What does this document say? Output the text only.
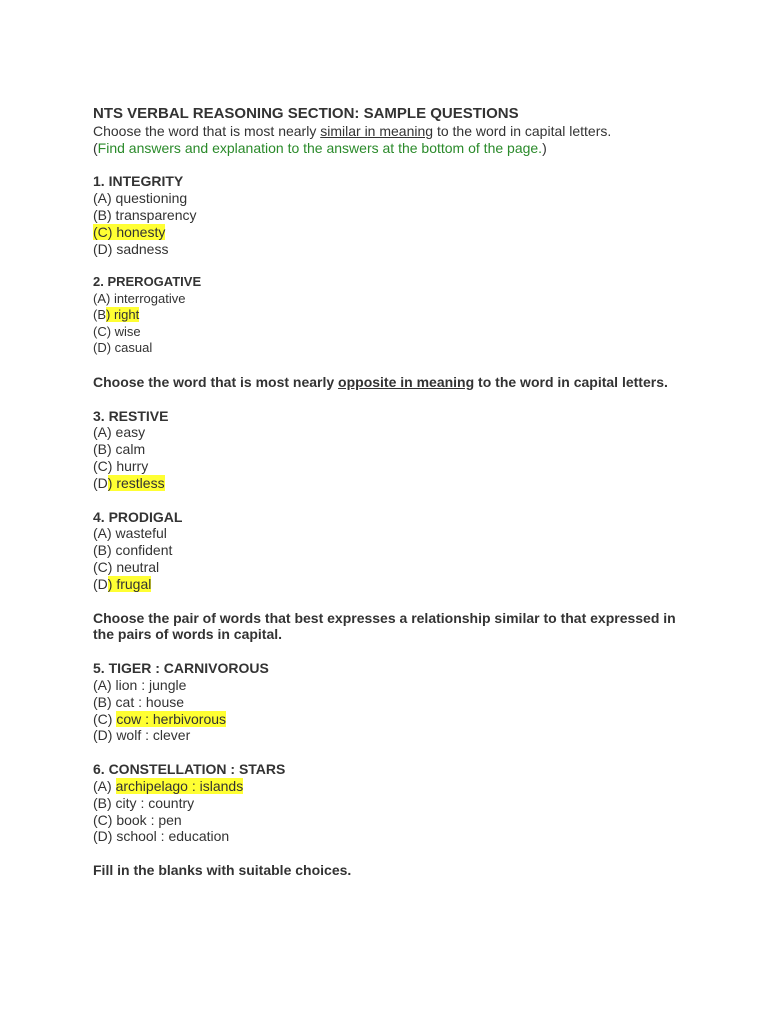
NTS VERBAL REASONING SECTION: SAMPLE QUESTIONS

Choose the word that is most nearly similar in meaning to the word in capital letters.

(Find answers and explanation to the answers at the bottom of the page.)

1. INTEGRITY

(A) questioning

(B) transparency

(C) honesty

(D) sadness

2. PREROGATIVE

(A) interrogative

(B) right

(C) wise

(D) casual

Choose the word that is most nearly opposite in meaning to the word in capital letters.

3. RESTIVE

(A) easy

(B) calm

(C) hurry

(D) restless

4. PRODIGAL

(A) wasteful

(B) confident

(C) neutral

(D) frugal

Choose the pair of words that best expresses a relationship similar to that expressed in the pairs of words in capital.

5. TIGER : CARNIVOROUS

(A) lion : jungle

(B) cat : house

(C) cow : herbivorous

(D) wolf : clever

6. CONSTELLATION : STARS

(A) archipelago : islands

(B) city : country

(C) book : pen

(D) school : education

Fill in the blanks with suitable choices.
